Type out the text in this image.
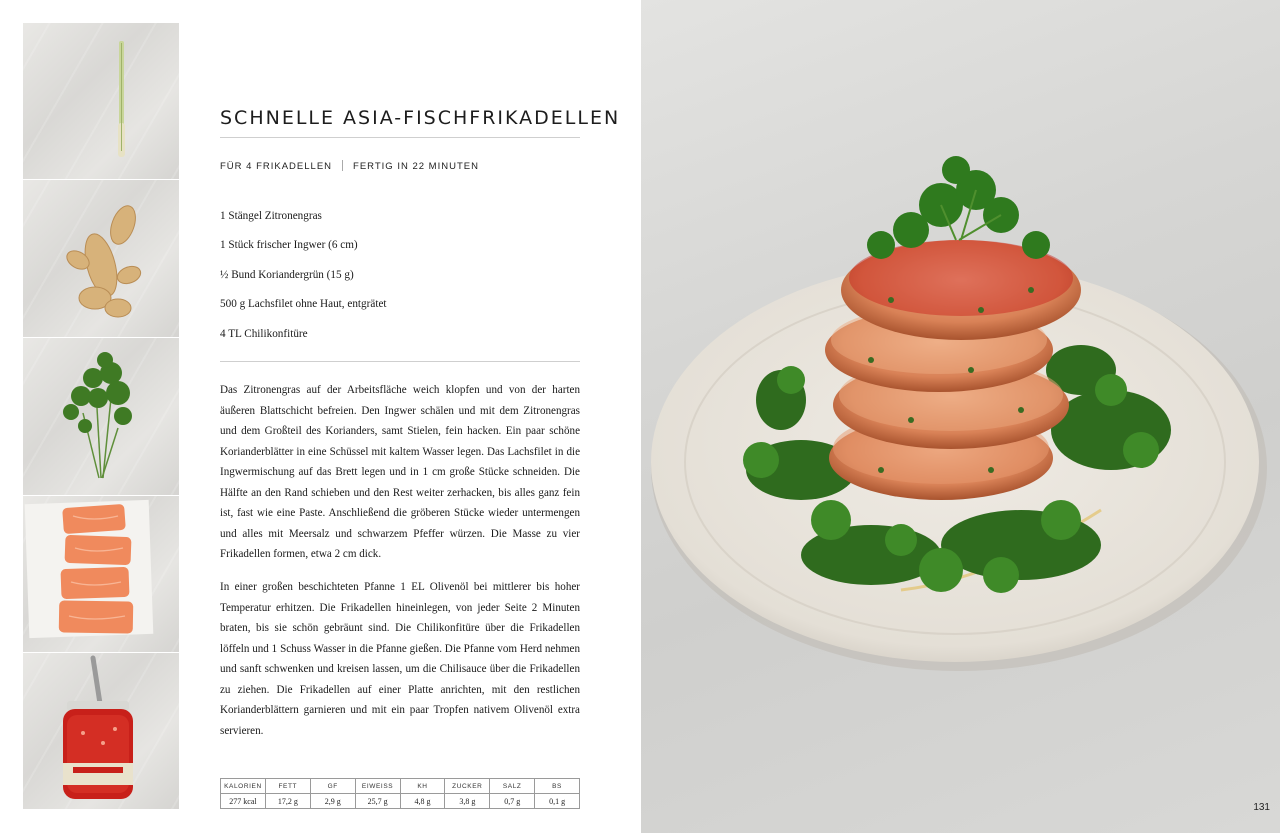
SCHNELLE ASIA-FISCHFRIKADELLEN
FÜR 4 FRIKADELLEN FERTIG IN 22 MINUTEN
1 Stängel Zitronengras
1 Stück frischer Ingwer (6 cm)
½ Bund Koriandergrün (15 g)
500 g Lachsfilet ohne Haut, entgrätet
4 TL Chilikonfitüre

Das Zitronengras auf der Arbeitsfläche weich klopfen und von der harten äußeren Blattschicht befreien. Den Ingwer schälen und mit dem Zitronengras und dem Großteil des Korianders, samt Stielen, fein hacken. Ein paar schöne Korianderblätter in eine Schüssel mit kaltem Wasser legen. Das Lachsfilet in die Ingwermischung auf das Brett legen und in 1 cm große Stücke schneiden. Die Hälfte an den Rand schieben und den Rest weiter zerhacken, bis alles ganz fein ist, fast wie eine Paste. Anschließend die gröberen Stücke wieder untermengen und alles mit Meersalz und schwarzem Pfeffer würzen. Die Masse zu vier Frikadellen formen, etwa 2 cm dick.

In einer großen beschichteten Pfanne 1 EL Olivenöl bei mittlerer bis hoher Temperatur erhitzen. Die Frikadellen hineinlegen, von jeder Seite 2 Minuten braten, bis sie schön gebräunt sind. Die Chilikonfitüre über die Frikadellen löffeln und 1 Schuss Wasser in die Pfanne gießen. Die Pfanne vom Herd nehmen und sanft schwenken und kreisen lassen, um die Chilisauce über die Frikadellen zu ziehen. Die Frikadellen auf einer Platte anrichten, mit den restlichen Korianderblättern garnieren und mit ein paar Tropfen nativem Olivenöl extra servieren.

KALORIEN	FETT	GF	EIWEISS	KH	ZUCKER	SALZ	BS
277 kcal	17,2 g	2,9 g	25,7 g	4,8 g	3,8 g	0,7 g	0,1 g
131
